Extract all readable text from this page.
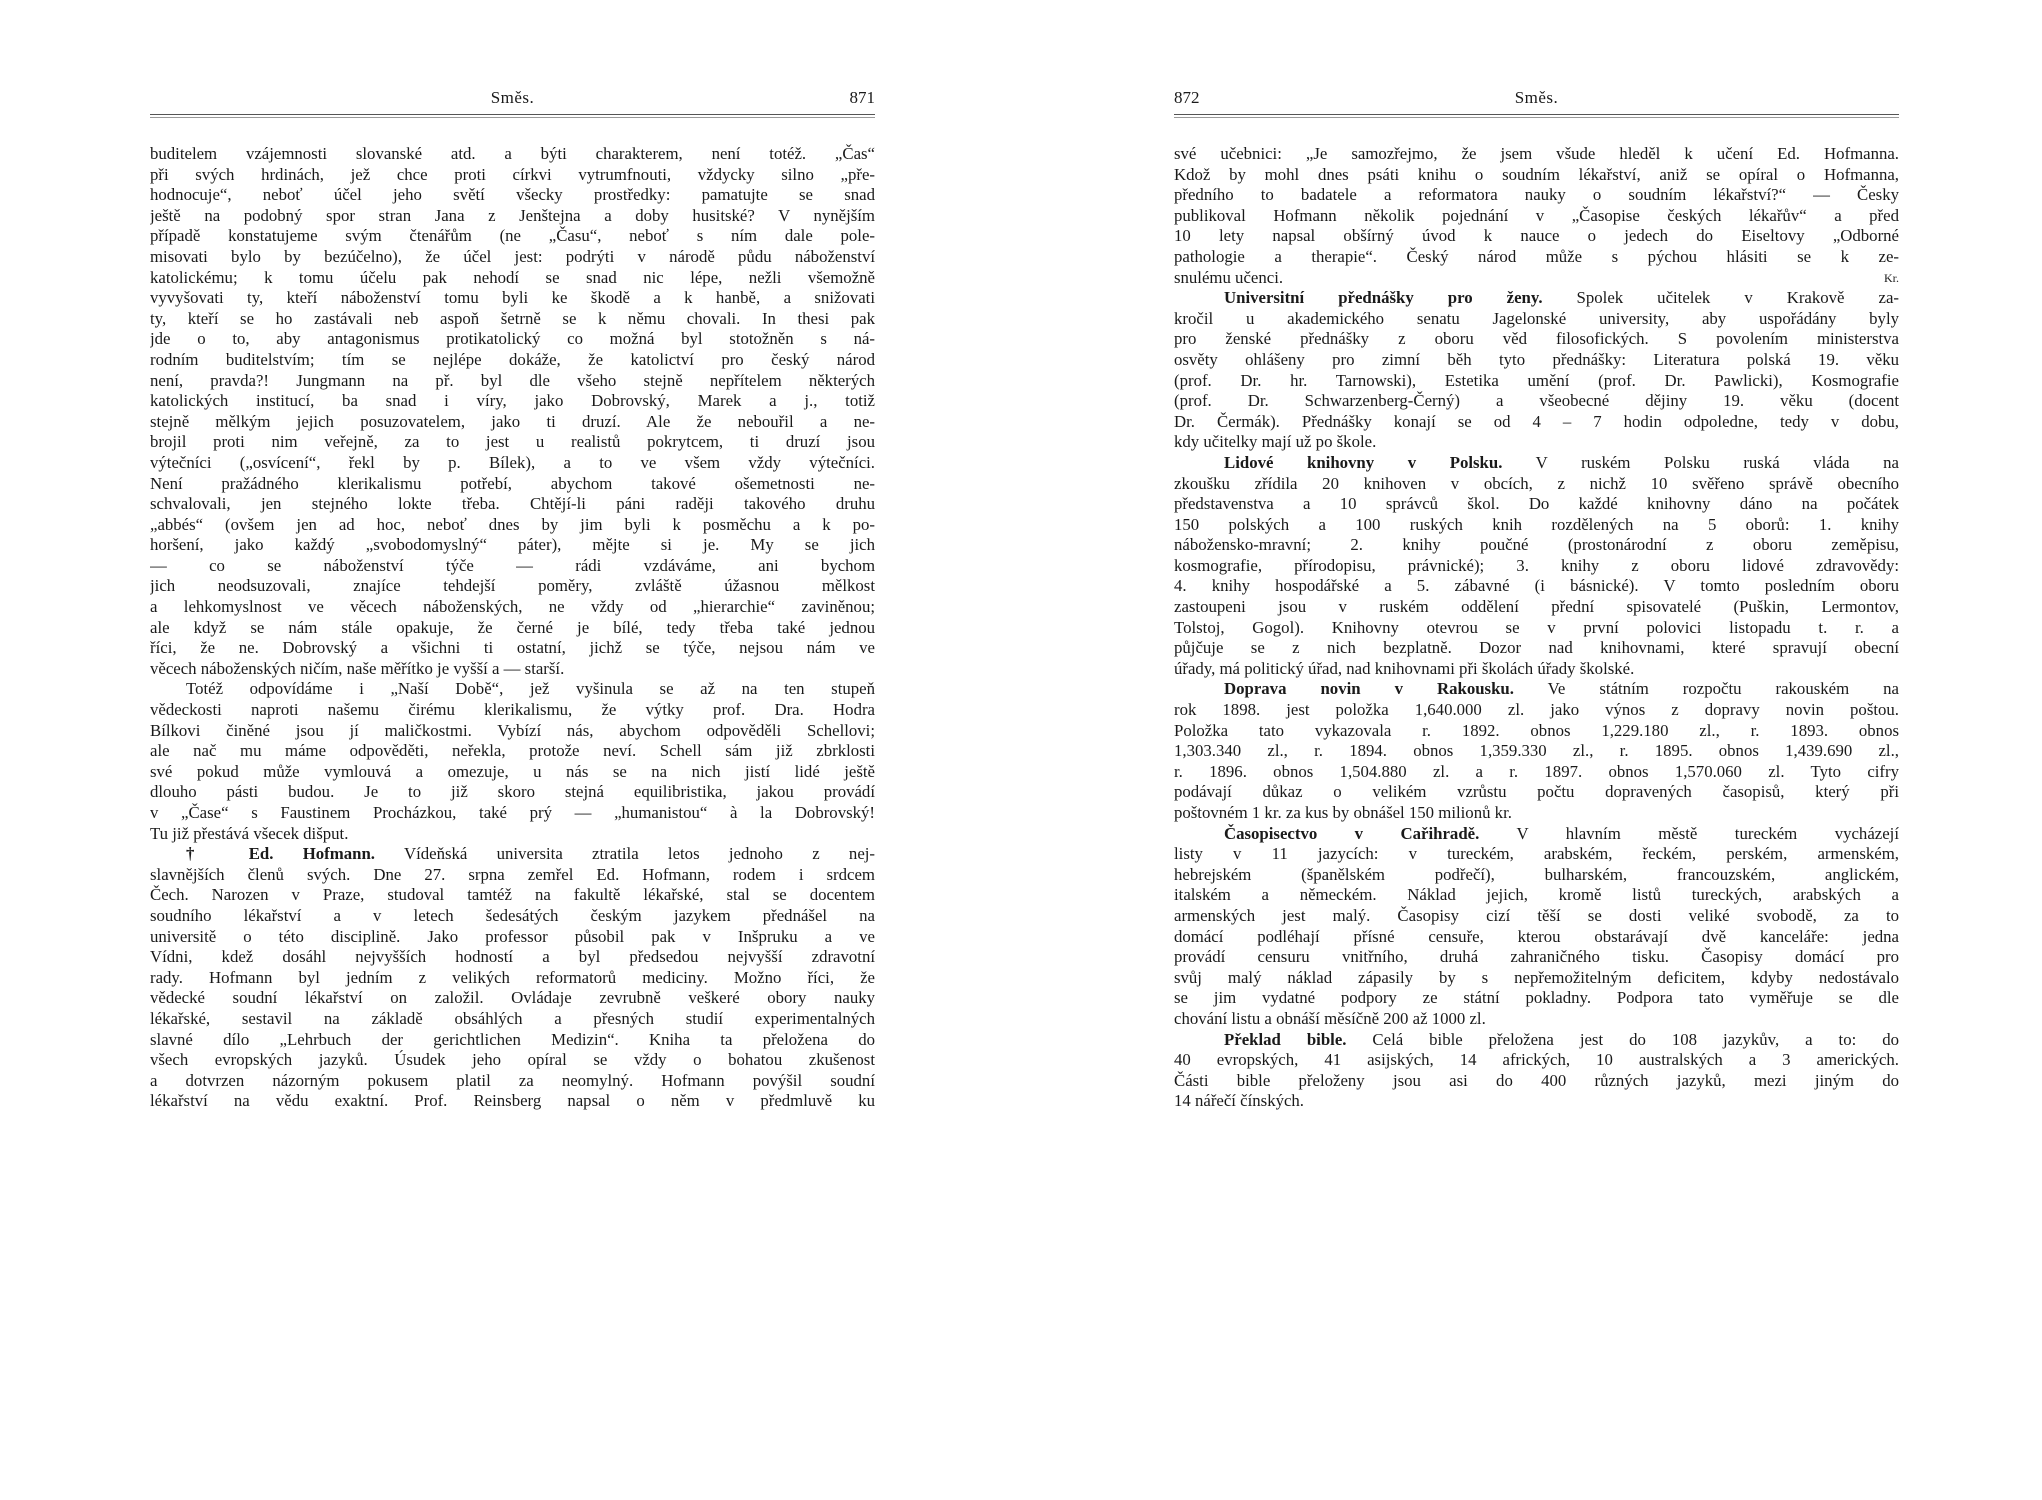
Směs.	871
buditelem vzájemnosti slovanské atd. a býti charakterem, není totéž. „Čas“
při svých hrdinách, jež chce proti církvi vytrumfnouti, vždycky silno „pře-
hodnocuje“, neboť účel jeho světí všecky prostředky: pamatujte se snad
ještě na podobný spor stran Jana z Jenštejna a doby husitské? V nynějším
případě konstatujeme svým čtenářům (ne „Času“, neboť s ním dale pole-
misovati bylo by bezúčelno), že účel jest: podrýti v národě půdu náboženství
katolickému; k tomu účelu pak nehodí se snad nic lépe, nežli všemožně
vyvyšovati ty, kteří náboženství tomu byli ke škodě a k hanbě, a snižovati
ty, kteří se ho zastávali neb aspoň šetrně se k němu chovali. In thesi pak
jde o to, aby antagonismus protikatolický co možná byl stotožněn s ná-
rodním buditelstvím; tím se nejlépe dokáže, že katolictví pro český národ
není, pravda?! Jungmann na př. byl dle všeho stejně nepřítelem některých
katolických institucí, ba snad i víry, jako Dobrovský, Marek a j., totiž
stejně mělkým jejich posuzovatelem, jako ti druzí. Ale že nebouřil a ne-
brojil proti nim veřejně, za to jest u realistů pokrytcem, ti druzí jsou
výtečníci („osvícení“, řekl by p. Bílek), a to ve všem vždy výtečníci.
Není pražádného klerikalismu potřebí, abychom takové ošemetnosti ne-
schvalovali, jen stejného lokte třeba. Chtějí-li páni raději takového druhu
„abbés“ (ovšem jen ad hoc, neboť dnes by jim byli k posměchu a k po-
horšení, jako každý „svobodomyslný“ páter), mějte si je. My se jich
— co se náboženství týče — rádi vzdáváme, ani bychom
jich neodsuzovali, znajíce tehdejší poměry, zvláště úžasnou mělkost
a lehkomyslnost ve věcech náboženských, ne vždy od „hierarchie“ zaviněnou;
ale když se nám stále opakuje, že černé je bílé, tedy třeba také jednou
říci, že ne. Dobrovský a všichni ti ostatní, jichž se týče, nejsou nám ve
věcech náboženských ničím, naše měřítko je vyšší a — starší.
Totéž odpovídáme i „Naší Době“, jež vyšinula se až na ten stupeň
vědeckosti naproti našemu čirému klerikalismu, že výtky prof. Dra. Hodra
Bílkovi činěné jsou jí maličkostmi. Vybízí nás, abychom odpověděli Schellovi;
ale nač mu máme odpověděti, neřekla, protože neví. Schell sám již zbrklosti
své pokud může vymlouvá a omezuje, u nás se na nich jistí lidé ještě
dlouho pásti budou. Je to již skoro stejná equilibristika, jakou provádí
v „Čase“ s Faustinem Procházkou, také prý — „humanistou“ à la Dobrovský!
Tu již přestává všecek dišput.
† Ed. Hofmann. Vídeňská universita ztratila letos jednoho z nej-
slavnějších členů svých. Dne 27. srpna zemřel Ed. Hofmann, rodem i srdcem
Čech. Narozen v Praze, studoval tamtéž na fakultě lékařské, stal se docentem
soudního lékařství a v letech šedesátých českým jazykem přednášel na
universitě o této disciplině. Jako professor působil pak v Inšpruku a ve
Vídni, kdež dosáhl nejvyšších hodností a byl předsedou nejvyšší zdravotní
rady. Hofmann byl jedním z velikých reformatorů mediciny. Možno říci, že
vědecké soudní lékařství on založil. Ovládaje zevrubně veškeré obory nauky
lékařské, sestavil na základě obsáhlých a přesných studií experimentalných
slavné dílo „Lehrbuch der gerichtlichen Medizin“. Kniha ta přeložena do
všech evropských jazyků. Úsudek jeho opíral se vždy o bohatou zkušenost
a dotvrzen názorným pokusem platil za neomylný. Hofmann povýšil soudní
lékařství na vědu exaktní. Prof. Reinsberg napsal o něm v předmluvě ku
872	Směs.
své učebnici: „Je samozřejmo, že jsem všude hleděl k učení Ed. Hofmanna.
Kdož by mohl dnes psáti knihu o soudním lékařství, aniž se opíral o Hofmanna,
předního to badatele a reformatora nauky o soudním lékařství?“ — Česky
publikoval Hofmann několik pojednání v „Časopise českých lékařův“ a před
10 lety napsal obšírný úvod k nauce o jedech do Eiseltovy „Odborné
pathologie a therapie“. Český národ může s pýchou hlásiti se k ze-
snulému učenci.	Kr.
Universitní přednášky pro ženy. Spolek učitelek v Krakově za-
kročil u akademického senatu Jagelonské university, aby uspořádány byly
pro ženské přednášky z oboru věd filosofických. S povolením ministerstva
osvěty ohlášeny pro zimní běh tyto přednášky: Literatura polská 19. věku
(prof. Dr. hr. Tarnowski), Estetika umění (prof. Dr. Pawlicki), Kosmografie
(prof. Dr. Schwarzenberg-Černý) a všeobecné dějiny 19. věku (docent
Dr. Čermák). Přednášky konají se od 4 – 7 hodin odpoledne, tedy v dobu,
kdy učitelky mají už po škole.
Lidové knihovny v Polsku. V ruském Polsku ruská vláda na
zkoušku zřídila 20 knihoven v obcích, z nichž 10 svěřeno správě obecního
představenstva a 10 správců škol. Do každé knihovny dáno na počátek
150 polských a 100 ruských knih rozdělených na 5 oborů: 1. knihy
nábožensko-mravní; 2. knihy poučné (prostonárodní z oboru zeměpisu,
kosmografie, přírodopisu, právnické); 3. knihy z oboru lidové zdravovědy:
4. knihy hospodářské a 5. zábavné (i básnické). V tomto posledním oboru
zastoupeni jsou v ruském oddělení přední spisovatelé (Puškin, Lermontov,
Tolstoj, Gogol). Knihovny otevrou se v první polovici listopadu t. r. a
půjčuje se z nich bezplatně. Dozor nad knihovnami, které spravují obecní
úřady, má politický úřad, nad knihovnami při školách úřady školské.
Doprava novin v Rakousku. Ve státním rozpočtu rakouském na
rok 1898. jest položka 1,640.000 zl. jako výnos z dopravy novin poštou.
Položka tato vykazovala r. 1892. obnos 1,229.180 zl., r. 1893. obnos
1,303.340 zl., r. 1894. obnos 1,359.330 zl., r. 1895. obnos 1,439.690 zl.,
r. 1896. obnos 1,504.880 zl. a r. 1897. obnos 1,570.060 zl. Tyto cifry
podávají důkaz o velikém vzrůstu počtu dopravených časopisů, který při
poštovném 1 kr. za kus by obnášel 150 milionů kr.
Časopisectvo v Cařihradě. V hlavním městě tureckém vycházejí
listy v 11 jazycích: v tureckém, arabském, řeckém, perském, armenském,
hebrejském (španělském podřečí), bulharském, francouzském, anglickém,
italském a německém. Náklad jejich, kromě listů tureckých, arabských a
armenských jest malý. Časopisy cizí těší se dosti veliké svobodě, za to
domácí podléhají přísné censuře, kterou obstarávají dvě kanceláře: jedna
provádí censuru vnitřního, druhá zahraničného tisku. Časopisy domácí pro
svůj malý náklad zápasily by s nepřemožitelným deficitem, kdyby nedostávalo
se jim vydatné podpory ze státní pokladny. Podpora tato vyměřuje se dle
chování listu a obnáší měsíčně 200 až 1000 zl.
Překlad bible. Celá bible přeložena jest do 108 jazykův, a to: do
40 evropských, 41 asijských, 14 afrických, 10 australských a 3 amerických.
Části bible přeloženy jsou asi do 400 různých jazyků, mezi jiným do
14 nářečí čínských.
